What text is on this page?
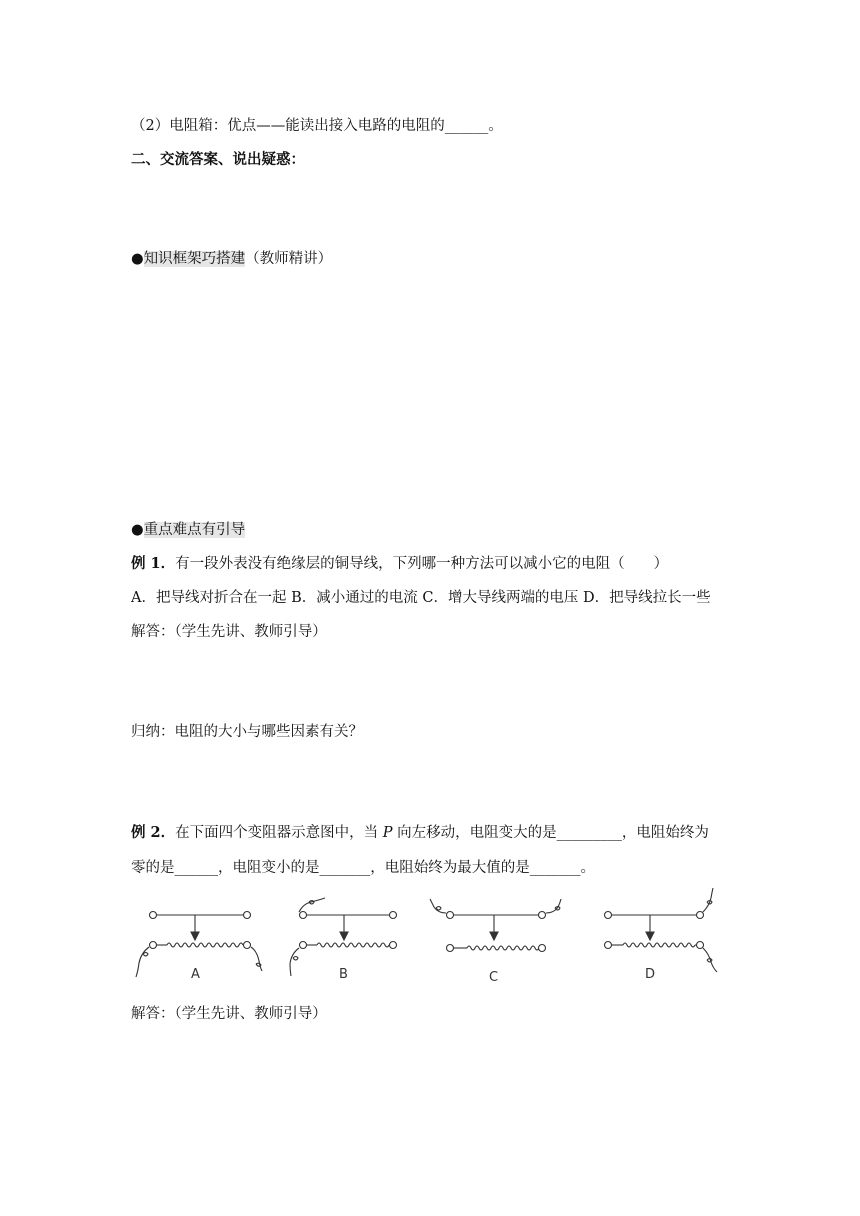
（2）电阻箱：优点——能读出接入电路的电阻的______。
二、交流答案、说出疑惑：
●知识框架巧搭建（教师精讲）
●重点难点有引导
例 1．有一段外表没有绝缘层的铜导线，下列哪一种方法可以减小它的电阻（　　）
A．把导线对折合在一起 B．减小通过的电流 C．增大导线两端的电压 D．把导线拉长一些
解答：（学生先讲、教师引导）
归纳：电阻的大小与哪些因素有关？
例 2．在下面四个变阻器示意图中，当 P 向左移动，电阻变大的是_________，电阻始终为
零的是______，电阻变小的是_______，电阻始终为最大值的是_______。
A	B	C	D
解答：（学生先讲、教师引导）
